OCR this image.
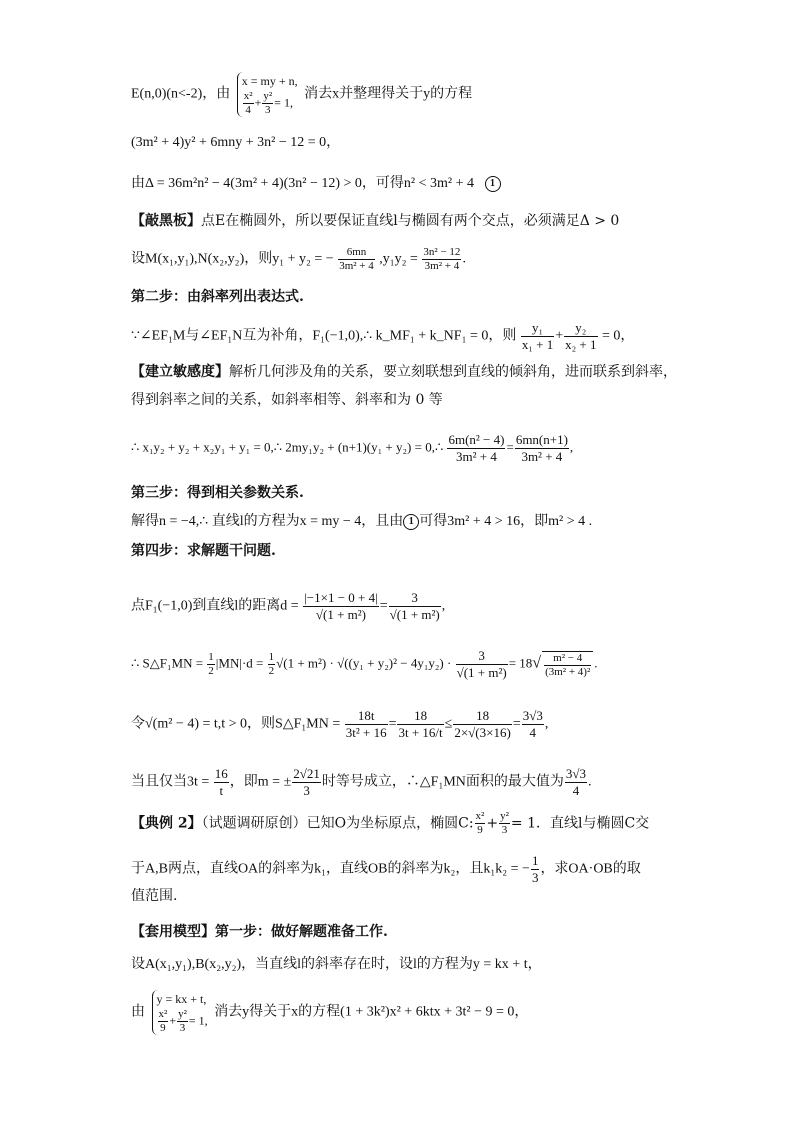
E(n,0)(n<-2)，由
x = my + n,
$\frac{\text{x²}}{4} + \frac{\text{y²}}{3} = 1$,
消去x并整理得关于y的方程
(3m² + 4)y² + 6mny + 3n² − 12 = 0，
由Δ = 36m²n² − 4(3m² + 4)(3n² − 12) > 0，可得n² < 3m² + 4 1
【敲黑板】点E在椭圆外，所以要保证直线l与椭圆有两个交点，必须满足Δ > 0
设M(x₁,y₁),N(x₂,y₂)，则y₁ + y₂ = − $\frac{6mn}{\text{3m² + 4}} ,y_1y_2 = \frac{\text{3n² − 12}}{\text{3m² + 4}}$ .
第二步：由斜率列出表达式.
∵∠EF₁M与∠EF₁N互为补角，F₁(−1,0),∴ k_MF₁ + k_NF₁ = 0，则 $\frac{\text{y₁}}{\text{x₁ + 1}} + \frac{\text{y₂}}{\text{x₂ + 1}} = 0$，
【建立敏感度】解析几何涉及角的关系，要立刻联想到直线的倾斜角，进而联系到斜率，
得到斜率之间的关系，如斜率相等、斜率和为 0 等
∴ x₁y₂ + y₂ + x₂y₁ + y₁ = 0,∴ 2my₁y₂ + (n+1)(y₁ + y₂) = 0,∴ $\frac{\text{6m(n² − 4)}}{\text{3m² + 4}} = \frac{6mn(n+1)}{\text{3m² + 4}}$ ,
第三步：得到相关参数关系.
解得n = −4,∴ 直线l的方程为x = my − 4，且由 1 可得3m² + 4 > 16，即m² > 4 .
第四步：求解题干问题.
点F₁(−1,0)到直线l的距离$d = \frac{|-1\times 1 - 0 + 4|}{\text{√(1 + m²)}} = \frac{3}{\text{√(1 + m²)}}$ ,
∴ S△F₁MN = $\frac{1}{2} |MN|\cdot d = \frac{1}{2} √(1 + m^2) \cdot √((y_1 + y_2)^2 - 4y_1y_2) \cdot \frac{3}{\text{√(1 + m²)}} = 18√ \frac{\text{m² − 4}}{\text{(3m² + 4)²}}$ .
令√(m² − 4) = t,t > 0，则S△F₁MN = $\frac{18t}{\text{3t² + 16}} = \frac{18}{3t + 16/t} \le \frac{18}{2\times√(3\times 16)} = \frac{3√3}{4}$ ,
当且仅当$3t = \frac{16}{t}$ ，即m = ± $\frac{2√21}{3}$ 时等号成立，∴△F₁MN面积的最大值为 $\frac{3√3}{4}$ .
【典例 2】（试题调研原创）已知O为坐标原点，椭圆C: $\frac{\text{x²}}{9} + \frac{\text{y²}}{3} = 1$．直线l与椭圆C交
于A,B两点，直线OA的斜率为k₁，直线OB的斜率为k₂，且k₁k₂ = − $\frac{1}{3}$ ，求OA·OB的取
值范围.
【套用模型】第一步：做好解题准备工作.
设A(x₁,y₁),B(x₂,y₂)，当直线l的斜率存在时，设l的方程为y = kx + t，
由
y = kx + t,
$\frac{\text{x²}}{9} + \frac{\text{y²}}{3} = 1$,
消去y得关于x的方程(1 + 3k²)x² + 6ktx + 3t² − 9 = 0，
